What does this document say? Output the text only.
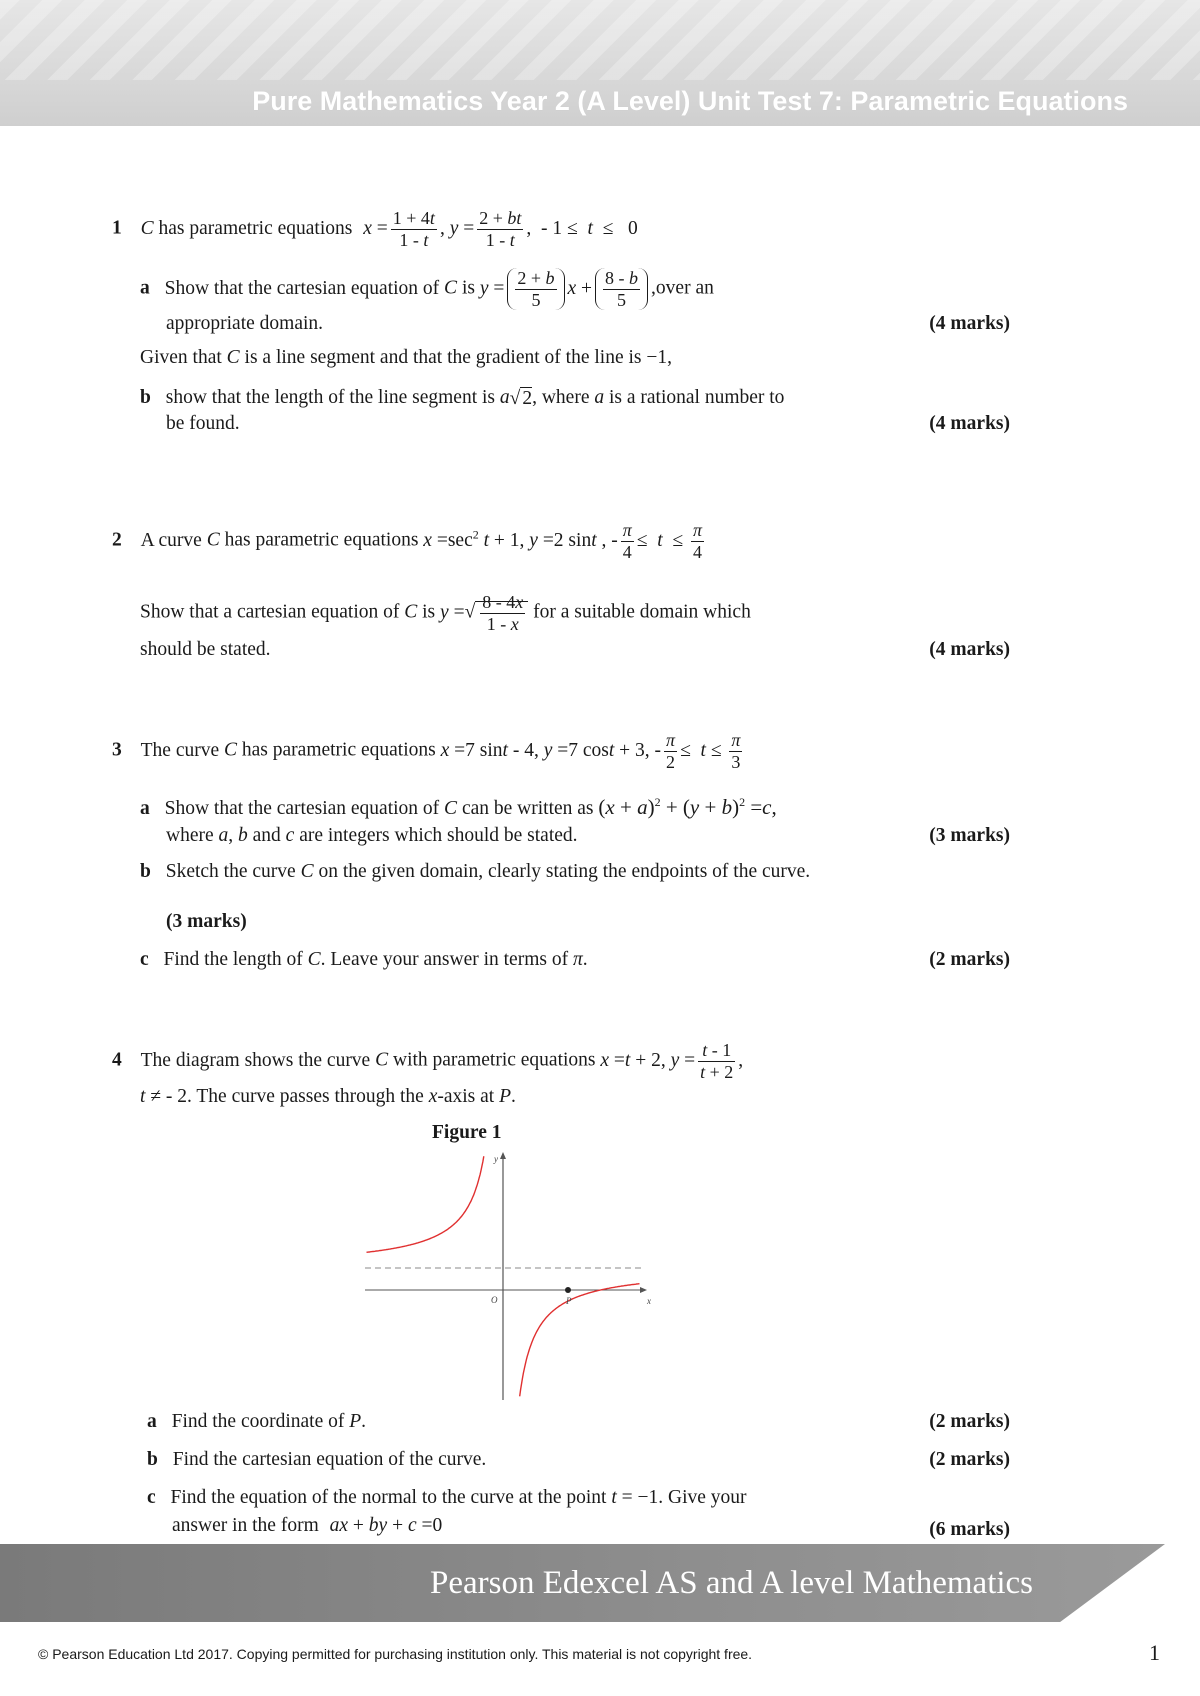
Pure Mathematics Year 2 (A Level) Unit Test 7: Parametric Equations
1 C has parametric equations $x = \frac{1 + 4t}{1 - t}$ , $y = \frac{2 + bt}{1 - t}$ ,  - 1 ≤  t  ≤   0
a Show that the cartesian equation of C is $y = \frac{2 + b}{5}$ $x + \frac{8 - b}{5}$ ,over an
appropriate domain.	(4 marks)
Given that C is a line segment and that the gradient of the line is −1,
b show that the length of the line segment is a√ 2, where a is a rational number to
be found.	(4 marks)
2 A curve C has parametric equations $x =\sec^2$ t + 1, y =2 sint , - $\frac{\pi}{4} \le t \le \frac{\pi}{4}$
Show that a cartesian equation of C is y =√ $\frac{8 - 4x}{1 - x}$ for a suitable domain which
should be stated.	(4 marks)
3 The curve C has parametric equations x =7 sint - 4, y =7 cost + 3, - $\frac{\pi}{2} \le t \le \frac{\pi}{3}$
a Show that the cartesian equation of C can be written as $(x + a)^2 + (y + b)^2 =c$,
where a, b and c are integers which should be stated.	(3 marks)
b Sketch the curve C on the given domain, clearly stating the endpoints of the curve.
(3 marks)
c Find the length of C. Leave your answer in terms of π.	(2 marks)
4 The diagram shows the curve C with parametric equations x =t + 2, $y = \frac{t - 1}{t + 2}$ ,
t ≠ - 2. The curve passes through the x-axis at P.
Figure 1
y
x
O	P
a Find the coordinate of P.	(2 marks)
b Find the cartesian equation of the curve.	(2 marks)
c Find the equation of the normal to the curve at the point t = −1. Give your
answer in the form ax + by + c =0	(6 marks)
Pearson Edexcel AS and A level Mathematics
© Pearson Education Ltd 2017. Copying permitted for purchasing institution only. This material is not copyright free.	1
